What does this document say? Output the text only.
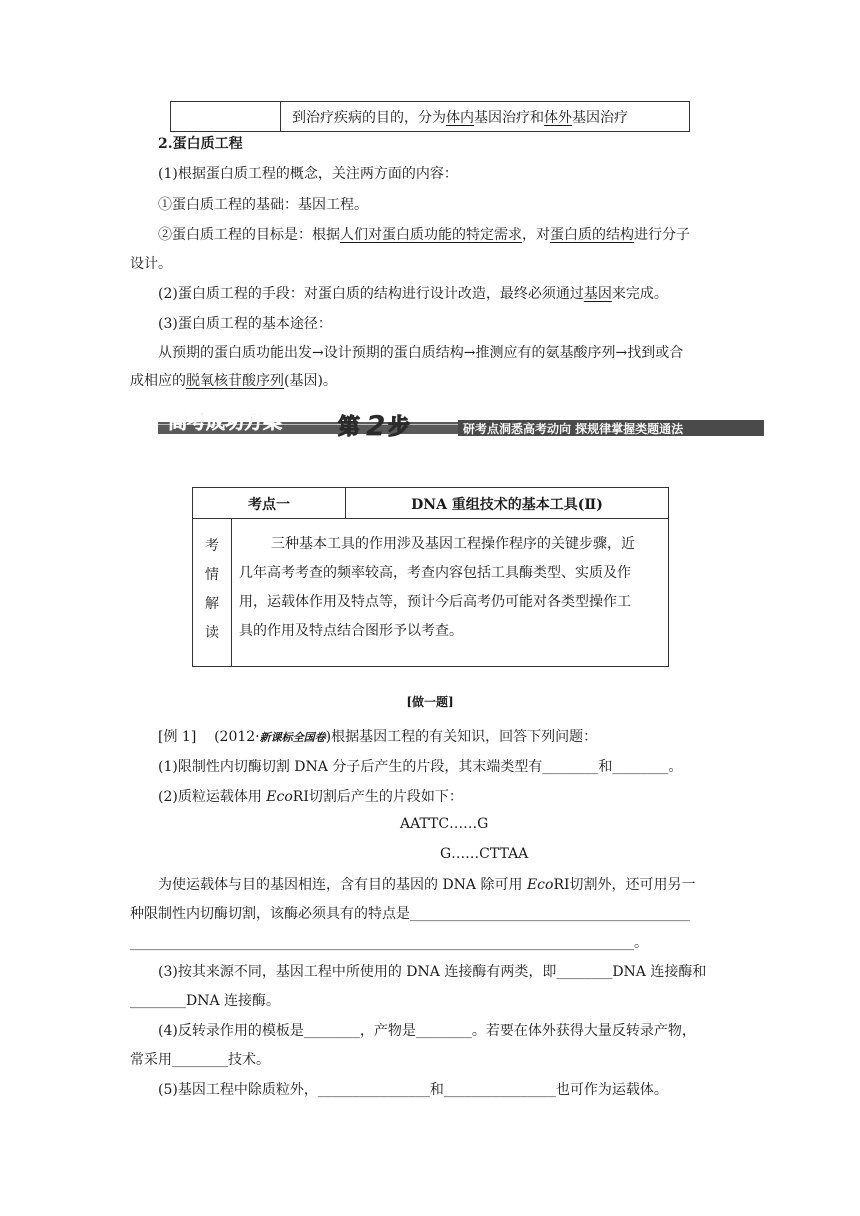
到治疗疾病的目的，分为体内基因治疗和体外基因治疗
2.蛋白质工程
(1)根据蛋白质工程的概念，关注两方面的内容：
①蛋白质工程的基础：基因工程。
②蛋白质工程的目标是：根据人们对蛋白质功能的特定需求，对蛋白质的结构进行分子
设计。
(2)蛋白质工程的手段：对蛋白质的结构进行设计改造，最终必须通过基因来完成。
(3)蛋白质工程的基本途径：
从预期的蛋白质功能出发→设计预期的蛋白质结构→推测应有的氨基酸序列→找到或合
成相应的脱氧核苷酸序列(基因)。
高考成功方案
GAOKAO CHENGGONG FANGAN 第 2 步	研考点洞悉高考动向 探规律掌握类题通法
考点一	DNA 重组技术的基本工具(Ⅱ)
考
情
解
读
三种基本工具的作用涉及基因工程操作程序的关键步骤，近
几年高考考查的频率较高，考查内容包括工具酶类型、实质及作
用，运载体作用及特点等，预计今后高考仍可能对各类型操作工
具的作用及特点结合图形予以考查。
[做一题]
[例 1] (2012·新课标全国卷)根据基因工程的有关知识，回答下列问题：
(1)限制性内切酶切割 DNA 分子后产生的片段，其末端类型有________和________。
(2)质粒运载体用 EcoRⅠ切割后产生的片段如下：
AATTC……G
G……CTTAA
为使运载体与目的基因相连，含有目的基因的 DNA 除可用 EcoRⅠ切割外，还可用另一
种限制性内切酶切割，该酶必须具有的特点是________________________________________
________________________________________________________________________。
(3)按其来源不同，基因工程中所使用的 DNA 连接酶有两类，即________DNA 连接酶和
________DNA 连接酶。
(4)反转录作用的模板是________，产物是________。若要在体外获得大量反转录产物，
常采用________技术。
(5)基因工程中除质粒外，________________和________________也可作为运载体。
